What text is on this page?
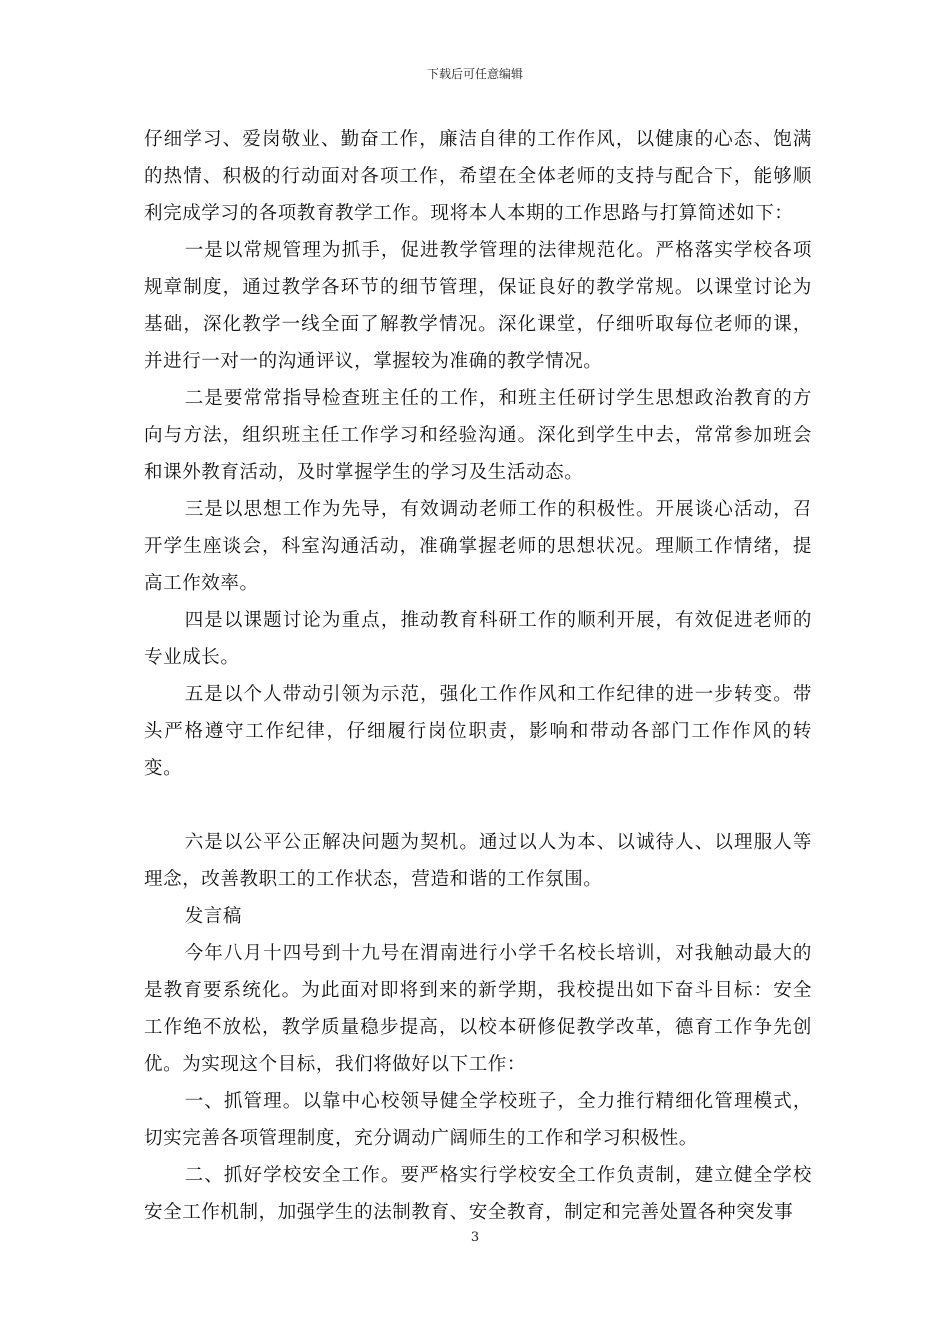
下载后可任意编辑

仔细学习、爱岗敬业、勤奋工作，廉洁自律的工作作风，以健康的心态、饱满的热情、积极的行动面对各项工作，希望在全体老师的支持与配合下，能够顺利完成学习的各项教育教学工作。现将本人本期的工作思路与打算简述如下：

一是以常规管理为抓手，促进教学管理的法律规范化。严格落实学校各项规章制度，通过教学各环节的细节管理，保证良好的教学常规。以课堂讨论为基础，深化教学一线全面了解教学情况。深化课堂，仔细听取每位老师的课，并进行一对一的沟通评议，掌握较为准确的教学情况。

二是要常常指导检查班主任的工作，和班主任研讨学生思想政治教育的方向与方法，组织班主任工作学习和经验沟通。深化到学生中去，常常参加班会和课外教育活动，及时掌握学生的学习及生活动态。

三是以思想工作为先导，有效调动老师工作的积极性。开展谈心活动，召开学生座谈会，科室沟通活动，准确掌握老师的思想状况。理顺工作情绪，提高工作效率。

四是以课题讨论为重点，推动教育科研工作的顺利开展，有效促进老师的专业成长。

五是以个人带动引领为示范，强化工作作风和工作纪律的进一步转变。带头严格遵守工作纪律，仔细履行岗位职责，影响和带动各部门工作作风的转变。

六是以公平公正解决问题为契机。通过以人为本、以诚待人、以理服人等理念，改善教职工的工作状态，营造和谐的工作氛围。

发言稿

今年八月十四号到十九号在渭南进行小学千名校长培训，对我触动最大的是教育要系统化。为此面对即将到来的新学期，我校提出如下奋斗目标：安全工作绝不放松，教学质量稳步提高，以校本研修促教学改革，德育工作争先创优。为实现这个目标，我们将做好以下工作：

一、抓管理。以靠中心校领导健全学校班子，全力推行精细化管理模式，切实完善各项管理制度，充分调动广阔师生的工作和学习积极性。

二、抓好学校安全工作。要严格实行学校安全工作负责制，建立健全学校安全工作机制，加强学生的法制教育、安全教育，制定和完善处置各种突发事

3
